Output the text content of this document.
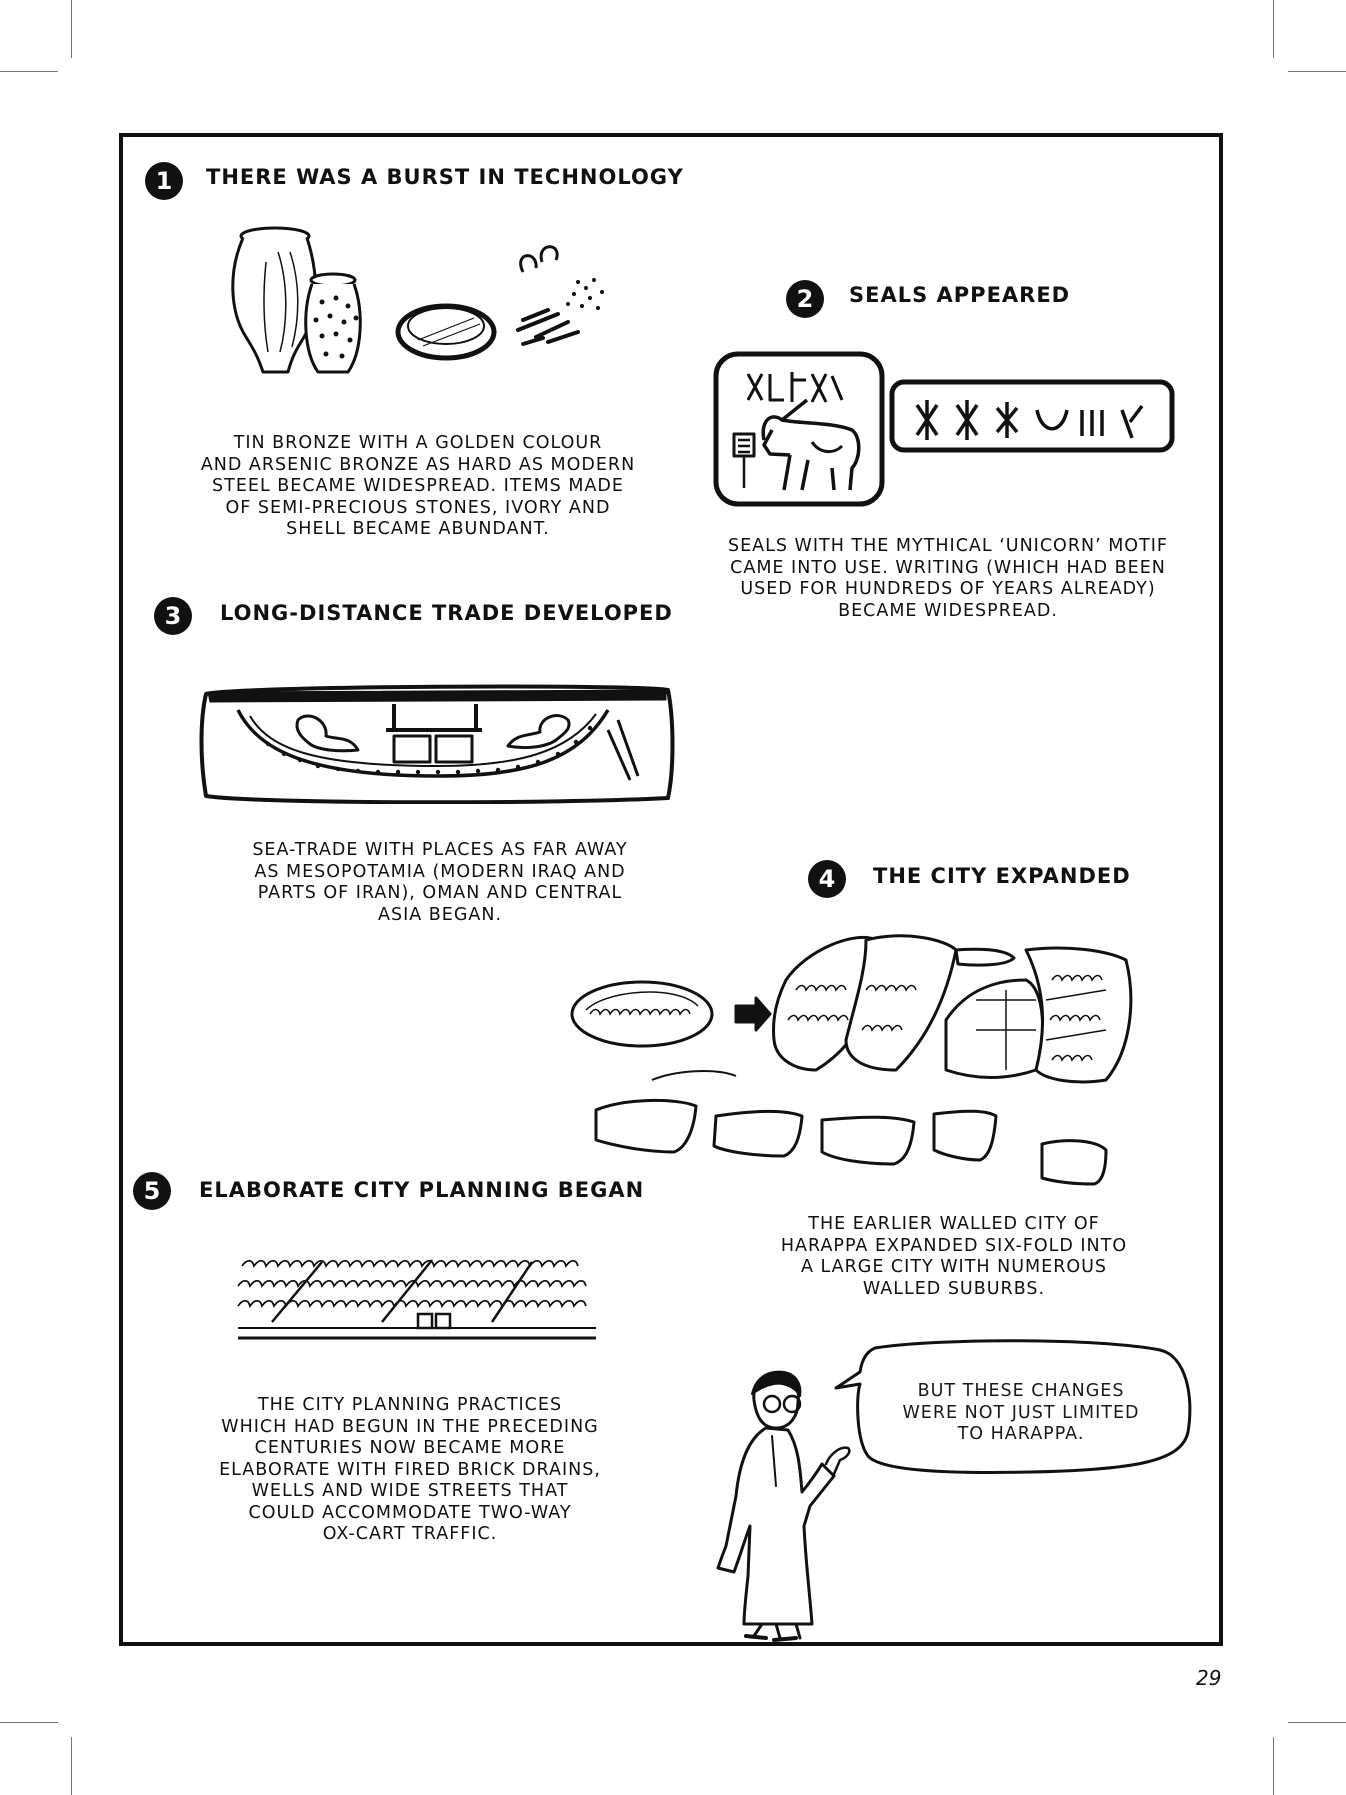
1	THERE WAS A BURST IN TECHNOLOGY
TIN BRONZE WITH A GOLDEN COLOUR
AND ARSENIC BRONZE AS HARD AS MODERN
STEEL BECAME WIDESPREAD. ITEMS MADE
OF SEMI-PRECIOUS STONES, IVORY AND
SHELL BECAME ABUNDANT.
2	SEALS APPEARED
SEALS WITH THE MYTHICAL ‘UNICORN’ MOTIF
CAME INTO USE. WRITING (WHICH HAD BEEN
USED FOR HUNDREDS OF YEARS ALREADY)
BECAME WIDESPREAD.
3	LONG-DISTANCE TRADE DEVELOPED
SEA-TRADE WITH PLACES AS FAR AWAY
AS MESOPOTAMIA (MODERN IRAQ AND
PARTS OF IRAN), OMAN AND CENTRAL
ASIA BEGAN.
4	THE CITY EXPANDED
THE EARLIER WALLED CITY OF
HARAPPA EXPANDED SIX-FOLD INTO
A LARGE CITY WITH NUMEROUS
WALLED SUBURBS.
5	ELABORATE CITY PLANNING BEGAN
THE CITY PLANNING PRACTICES
WHICH HAD BEGUN IN THE PRECEDING
CENTURIES NOW BECAME MORE
ELABORATE WITH FIRED BRICK DRAINS,
WELLS AND WIDE STREETS THAT
COULD ACCOMMODATE TWO-WAY
OX-CART TRAFFIC.
BUT THESE CHANGES
WERE NOT JUST LIMITED
TO HARAPPA.
29
